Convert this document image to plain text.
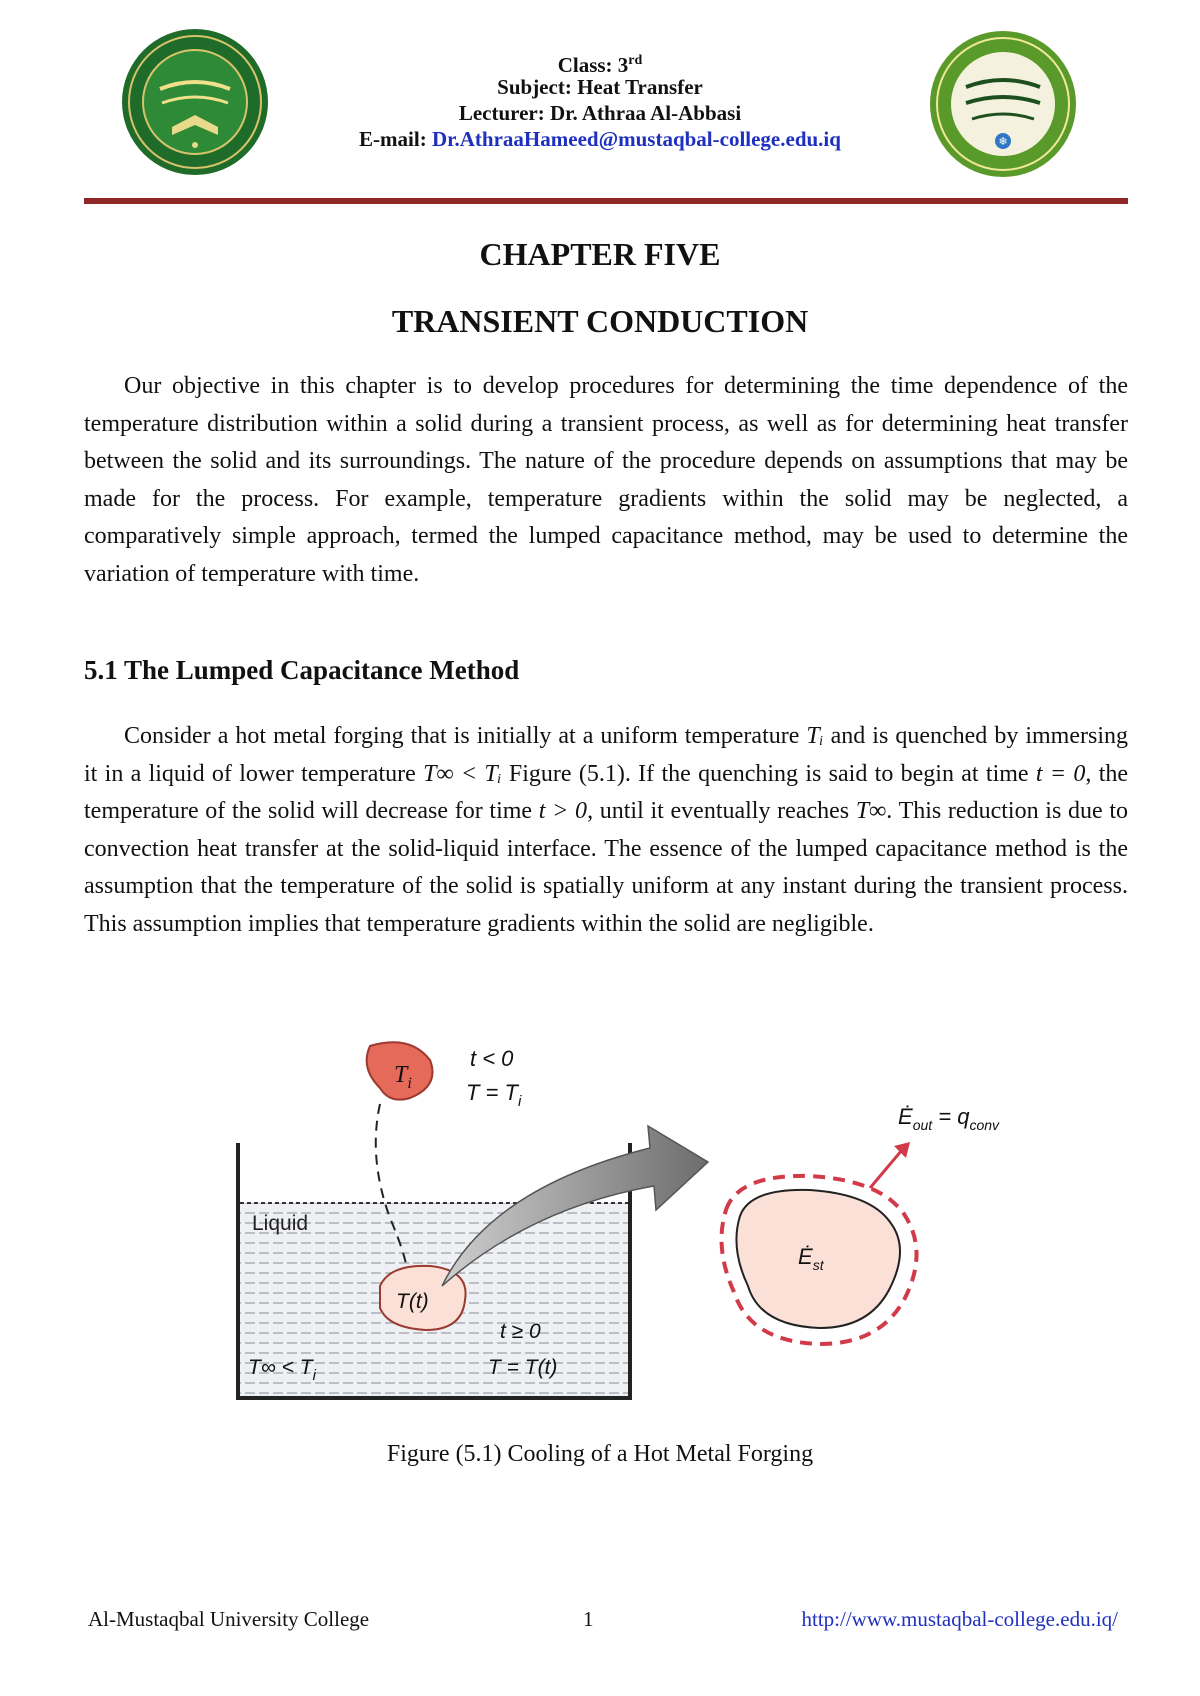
❄
Class: 3rd
Subject: Heat Transfer
Lecturer: Dr. Athraa Al-Abbasi
E-mail: Dr.AthraaHameed@mustaqbal-college.edu.iq
CHAPTER FIVE
TRANSIENT CONDUCTION
Our objective in this chapter is to develop procedures for determining the time dependence of the temperature distribution within a solid during a transient process, as well as for determining heat transfer between the solid and its surroundings. The nature of the procedure depends on assumptions that may be made for the process. For example, temperature gradients within the solid may be neglected, a comparatively simple approach, termed the lumped capacitance method, may be used to determine the variation of temperature with time.
5.1 The Lumped Capacitance Method
Consider a hot metal forging that is initially at a uniform temperature Tᵢ and is quenched by immersing it in a liquid of lower temperature T∞ < Tᵢ Figure (5.1). If the quenching is said to begin at time t = 0, the temperature of the solid will decrease for time t > 0, until it eventually reaches T∞. This reduction is due to convection heat transfer at the solid-liquid interface. The essence of the lumped capacitance method is the assumption that the temperature of the solid is spatially uniform at any instant during the transient process. This assumption implies that temperature gradients within the solid are negligible.
Liquid
$T_i$
t < 0
$T = T_i$
T(t)
t ≥ 0
T = T(t)
$T\infty < T_i$
$Ė_{st}$
$Ė_{out} = q_{conv}$
Figure (5.1) Cooling of a Hot Metal Forging
Al-Mustaqbal University College	1	http://www.mustaqbal-college.edu.iq/
